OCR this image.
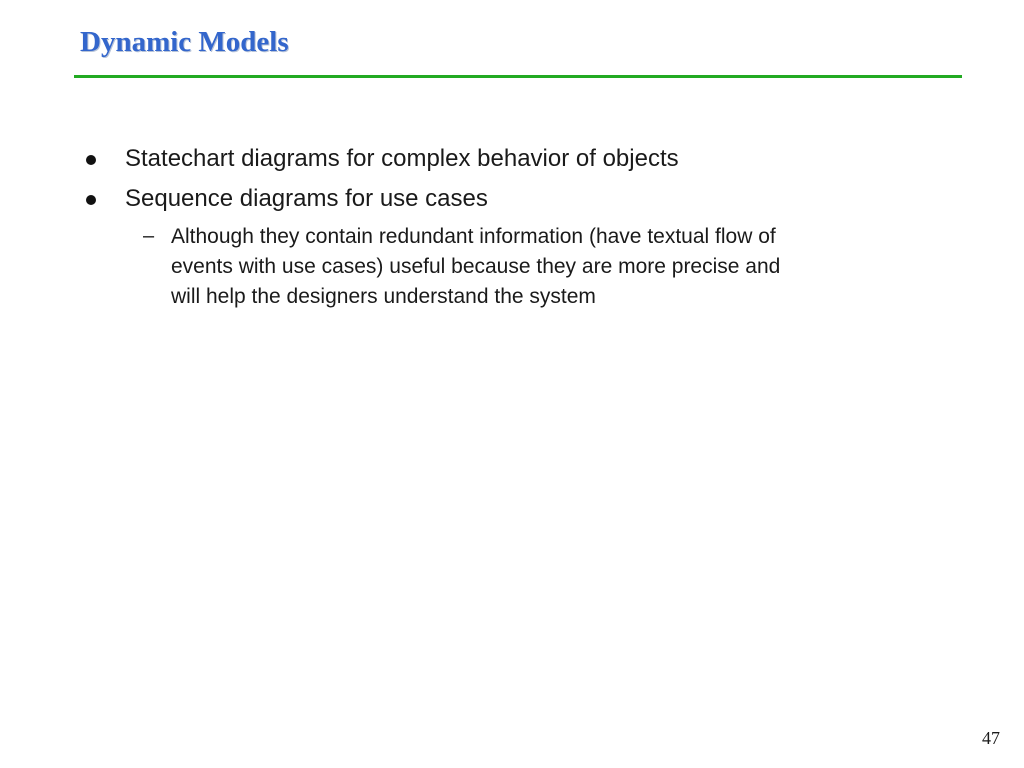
Dynamic Models
Statechart diagrams for complex behavior of objects
Sequence diagrams for use cases
– Although they contain redundant information (have textual flow of
events with use cases) useful because they are more precise and
will help the designers understand the system
47
